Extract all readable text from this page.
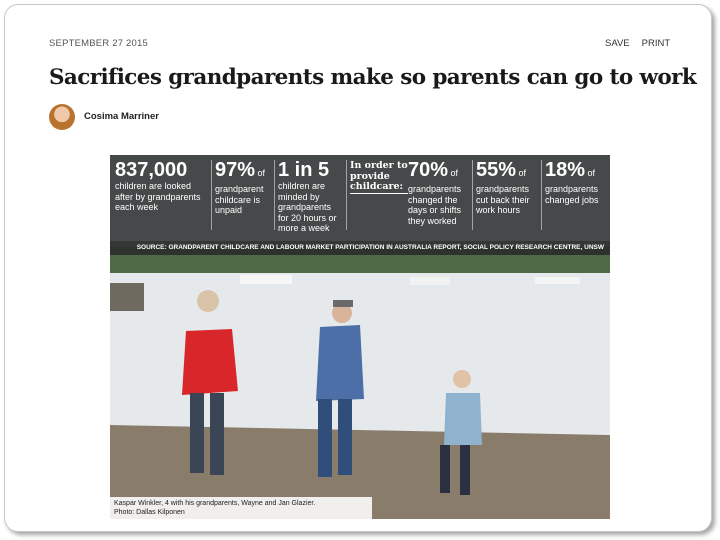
SEPTEMBER 27 2015	SAVE PRINT
Sacrifices grandparents make so parents can go to work
Cosima Marriner
837,000
children are looked
after by grandparents
each week
97% of
grandparent
childcare is
unpaid
1 in 5
children are
minded by
grandparents
for 20 hours or
more a week
In order to
provide
childcare:
70% of
grandparents
changed the
days or shifts
they worked
55% of
grandparents
cut back their
work hours
18% of
grandparents
changed jobs
SOURCE: GRANDPARENT CHILDCARE AND LABOUR MARKET PARTICIPATION IN AUSTRALIA REPORT, SOCIAL POLICY RESEARCH CENTRE, UNSW
Kaspar Winkler, 4 with his grandparents, Wayne and Jan Glazier.
Photo: Dallas Kilponen
